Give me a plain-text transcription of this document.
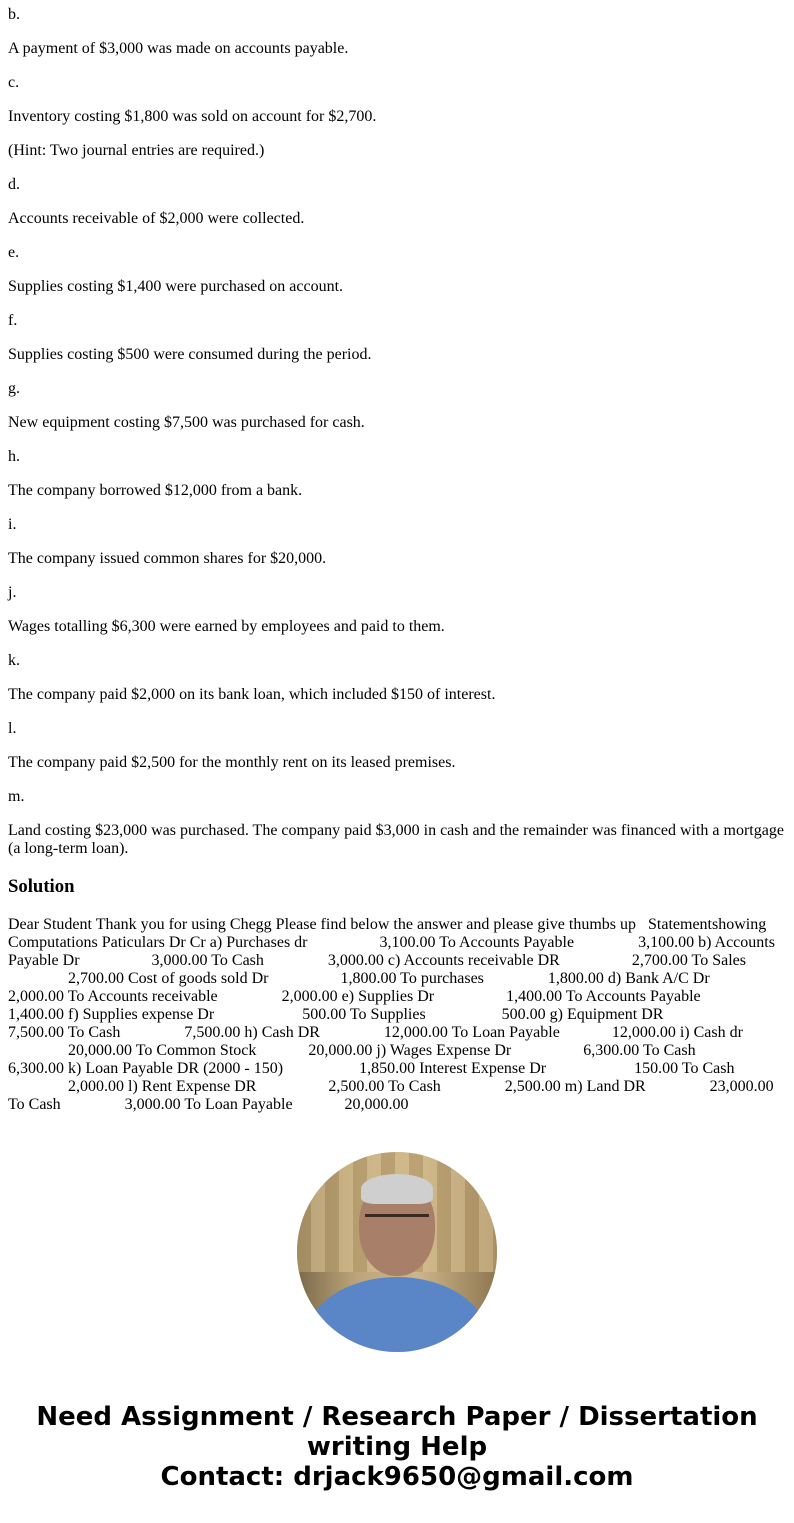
b.

A payment of $3,000 was made on accounts payable.

c.

Inventory costing $1,800 was sold on account for $2,700.

(Hint: Two journal entries are required.)

d.

Accounts receivable of $2,000 were collected.

e.

Supplies costing $1,400 were purchased on account.

f.

Supplies costing $500 were consumed during the period.

g.

New equipment costing $7,500 was purchased for cash.

h.

The company borrowed $12,000 from a bank.

i.

The company issued common shares for $20,000.

j.

Wages totalling $6,300 were earned by employees and paid to them.

k.

The company paid $2,000 on its bank loan, which included $150 of interest.

l.

The company paid $2,500 for the monthly rent on its leased premises.

m.

Land costing $23,000 was purchased. The company paid $3,000 in cash and the remainder was financed with a mortgage (a long-term loan).

Solution
Dear Student Thank you for using Chegg Please find below the answer and please give thumbs up   Statementshowing
Computations Paticulars Dr Cr a) Purchases dr                  3,100.00 To Accounts Payable                3,100.00 b) Accounts
Payable Dr                  3,000.00 To Cash                3,000.00 c) Accounts receivable DR                  2,700.00 To Sales
2,700.00 Cost of goods sold Dr                  1,800.00 To purchases                1,800.00 d) Bank A/C Dr
2,000.00 To Accounts receivable                2,000.00 e) Supplies Dr                  1,400.00 To Accounts Payable
1,400.00 f) Supplies expense Dr                      500.00 To Supplies                   500.00 g) Equipment DR
7,500.00 To Cash                7,500.00 h) Cash DR                12,000.00 To Loan Payable             12,000.00 i) Cash dr
20,000.00 To Common Stock             20,000.00 j) Wages Expense Dr                  6,300.00 To Cash
6,300.00 k) Loan Payable DR (2000 - 150)                   1,850.00 Interest Expense Dr                      150.00 To Cash
2,000.00 l) Rent Expense DR                  2,500.00 To Cash                2,500.00 m) Land DR                23,000.00
To Cash                3,000.00 To Loan Payable             20,000.00
Need Assignment / Research Paper / Dissertation
writing Help
Contact: drjack9650@gmail.com
